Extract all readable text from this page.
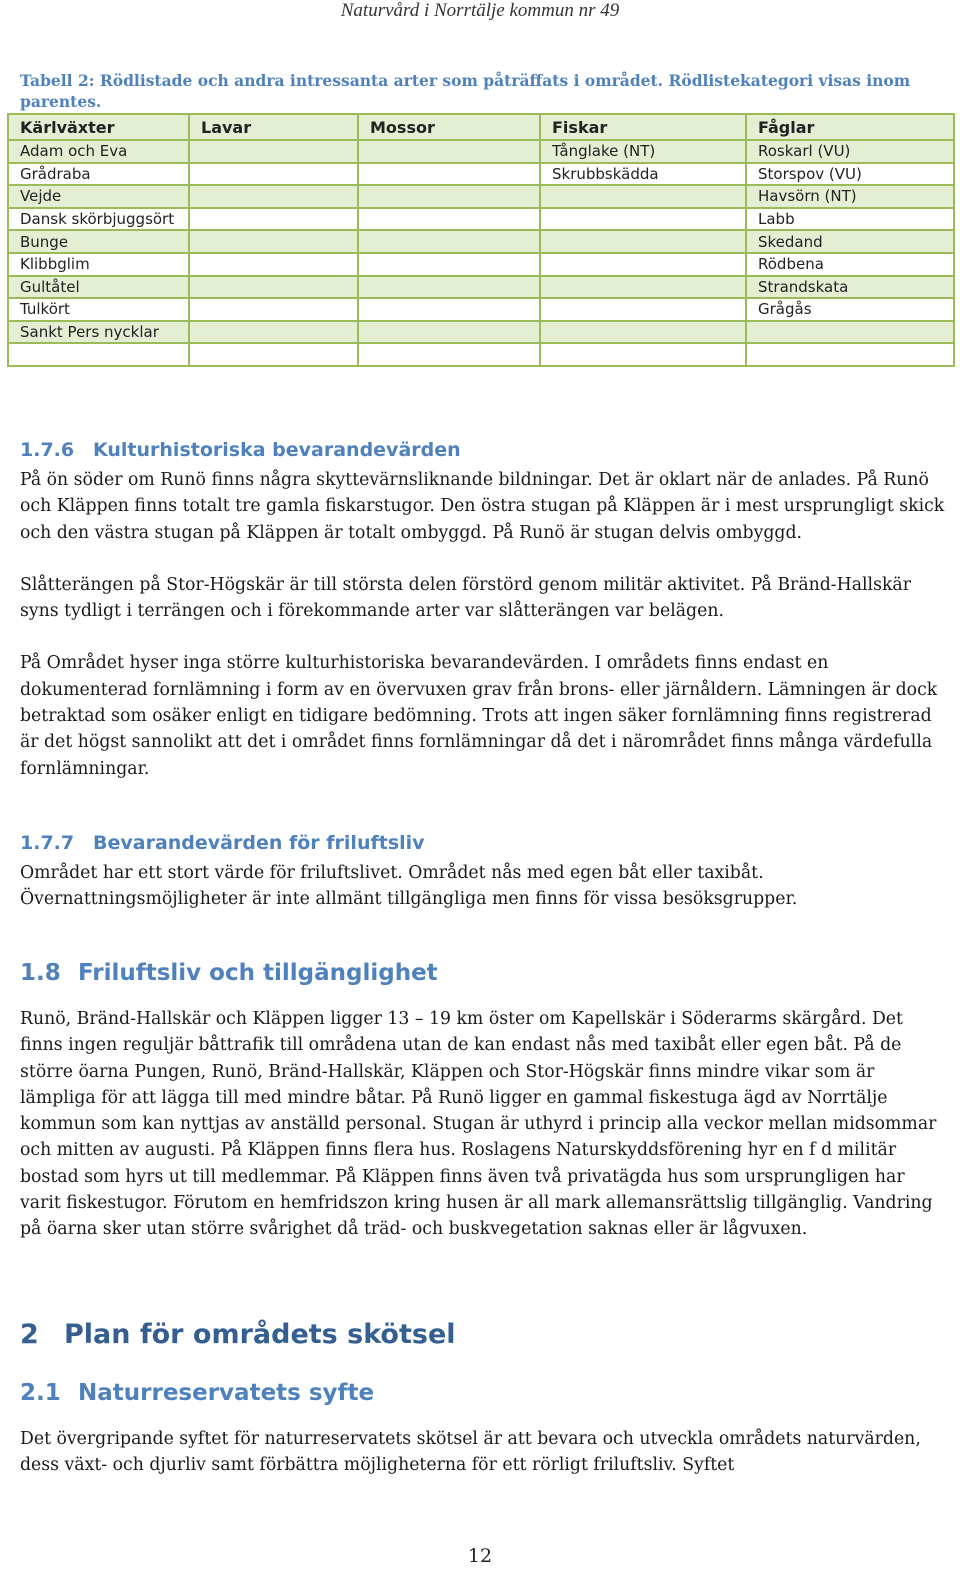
Naturvård i Norrtälje kommun nr 49
Tabell 2: Rödlistade och andra intressanta arter som påträffats i området. Rödlistekategori visas inom parentes.
Kärlväxter	Lavar	Mossor	Fiskar	Fåglar
Adam och Eva			Tånglake (NT)	Roskarl (VU)
Grådraba			Skrubbskädda	Storspov (VU)
Vejde				Havsörn (NT)
Dansk skörbjuggsört				Labb
Bunge				Skedand
Klibbglim				Rödbena
Gultåtel				Strandskata
Tulkört				Grågås
Sankt Pers nycklar				

1.7.6 Kulturhistoriska bevarandevärden

På ön söder om Runö finns några skyttevärnsliknande bildningar. Det är oklart när de anlades. På Runö och Kläppen finns totalt tre gamla fiskarstugor. Den östra stugan på Kläppen är i mest ursprungligt skick och den västra stugan på Kläppen är totalt ombyggd. På Runö är stugan delvis ombyggd.

Slåtterängen på Stor-Högskär är till största delen förstörd genom militär aktivitet. På Bränd-Hallskär syns tydligt i terrängen och i förekommande arter var slåtterängen var belägen.

På Området hyser inga större kulturhistoriska bevarandevärden. I områdets finns endast en dokumenterad fornlämning i form av en övervuxen grav från brons- eller järnåldern. Lämningen är dock betraktad som osäker enligt en tidigare bedömning. Trots att ingen säker fornlämning finns registrerad är det högst sannolikt att det i området finns fornlämningar då det i närområdet finns många värdefulla fornlämningar.

1.7.7 Bevarandevärden för friluftsliv

Området har ett stort värde för friluftslivet. Området nås med egen båt eller taxibåt. Övernattningsmöjligheter är inte allmänt tillgängliga men finns för vissa besöksgrupper.

1.8 Friluftsliv och tillgänglighet

Runö, Bränd-Hallskär och Kläppen ligger 13 – 19 km öster om Kapellskär i Söderarms skärgård. Det finns ingen reguljär båttrafik till områdena utan de kan endast nås med taxibåt eller egen båt. På de större öarna Pungen, Runö, Bränd-Hallskär, Kläppen och Stor-Högskär finns mindre vikar som är lämpliga för att lägga till med mindre båtar. På Runö ligger en gammal fiskestuga ägd av Norrtälje kommun som kan nyttjas av anställd personal. Stugan är uthyrd i princip alla veckor mellan midsommar och mitten av augusti. På Kläppen finns flera hus. Roslagens Naturskyddsförening hyr en f d militär bostad som hyrs ut till medlemmar. På Kläppen finns även två privatägda hus som ursprungligen har varit fiskestugor. Förutom en hemfridszon kring husen är all mark allemansrättslig tillgänglig. Vandring på öarna sker utan större svårighet då träd- och buskvegetation saknas eller är lågvuxen.

2 Plan för områdets skötsel
2.1 Naturreservatets syfte

Det övergripande syftet för naturreservatets skötsel är att bevara och utveckla områdets naturvärden, dess växt- och djurliv samt förbättra möjligheterna för ett rörligt friluftsliv. Syftet

12
